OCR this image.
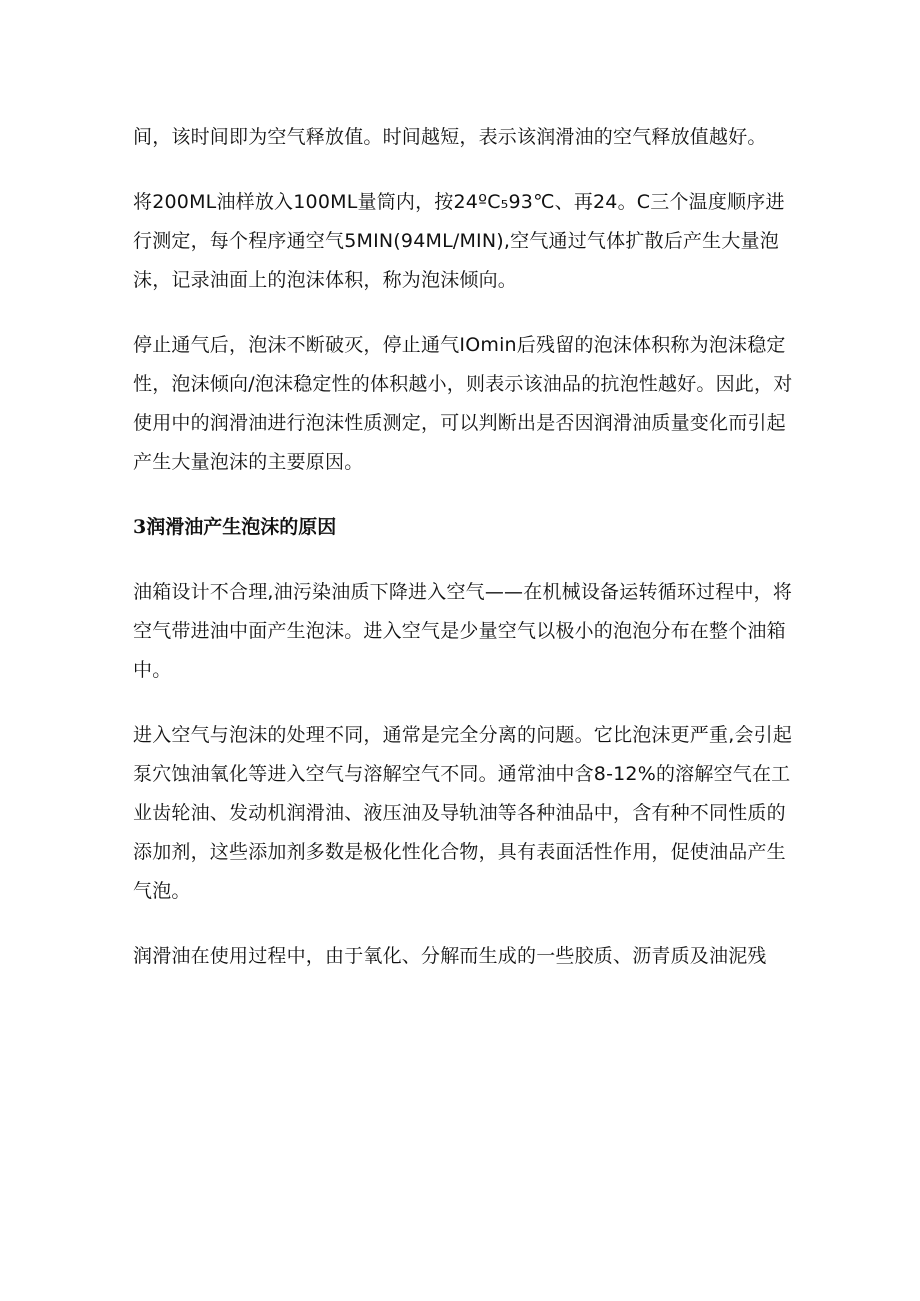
间，该时间即为空气释放值。时间越短，表示该润滑油的空气释放值越好。

将200ML油样放入100ML量筒内，按24ºC₅93℃、再24。C三个温度顺序进行测定，每个程序通空气5MIN(94ML/MIN),空气通过气体扩散后产生大量泡沫，记录油面上的泡沫体积，称为泡沫倾向。

停止通气后，泡沫不断破灭，停止通气IOmin后残留的泡沫体积称为泡沫稳定性，泡沫倾向/泡沫稳定性的体积越小，则表示该油品的抗泡性越好。因此，对使用中的润滑油进行泡沫性质测定，可以判断出是否因润滑油质量变化而引起产生大量泡沫的主要原因。

3润滑油产生泡沫的原因

油箱设计不合理,油污染油质下降进入空气——在机械设备运转循环过程中，将空气带进油中面产生泡沫。进入空气是少量空气以极小的泡泡分布在整个油箱中。

进入空气与泡沫的处理不同，通常是完全分离的问题。它比泡沫更严重,会引起泵穴蚀油氧化等进入空气与溶解空气不同。通常油中含8-12%的溶解空气在工业齿轮油、发动机润滑油、液压油及导轨油等各种油品中，含有种不同性质的添加剂，这些添加剂多数是极化性化合物，具有表面活性作用，促使油品产生气泡。

润滑油在使用过程中，由于氧化、分解而生成的一些胶质、沥青质及油泥残
